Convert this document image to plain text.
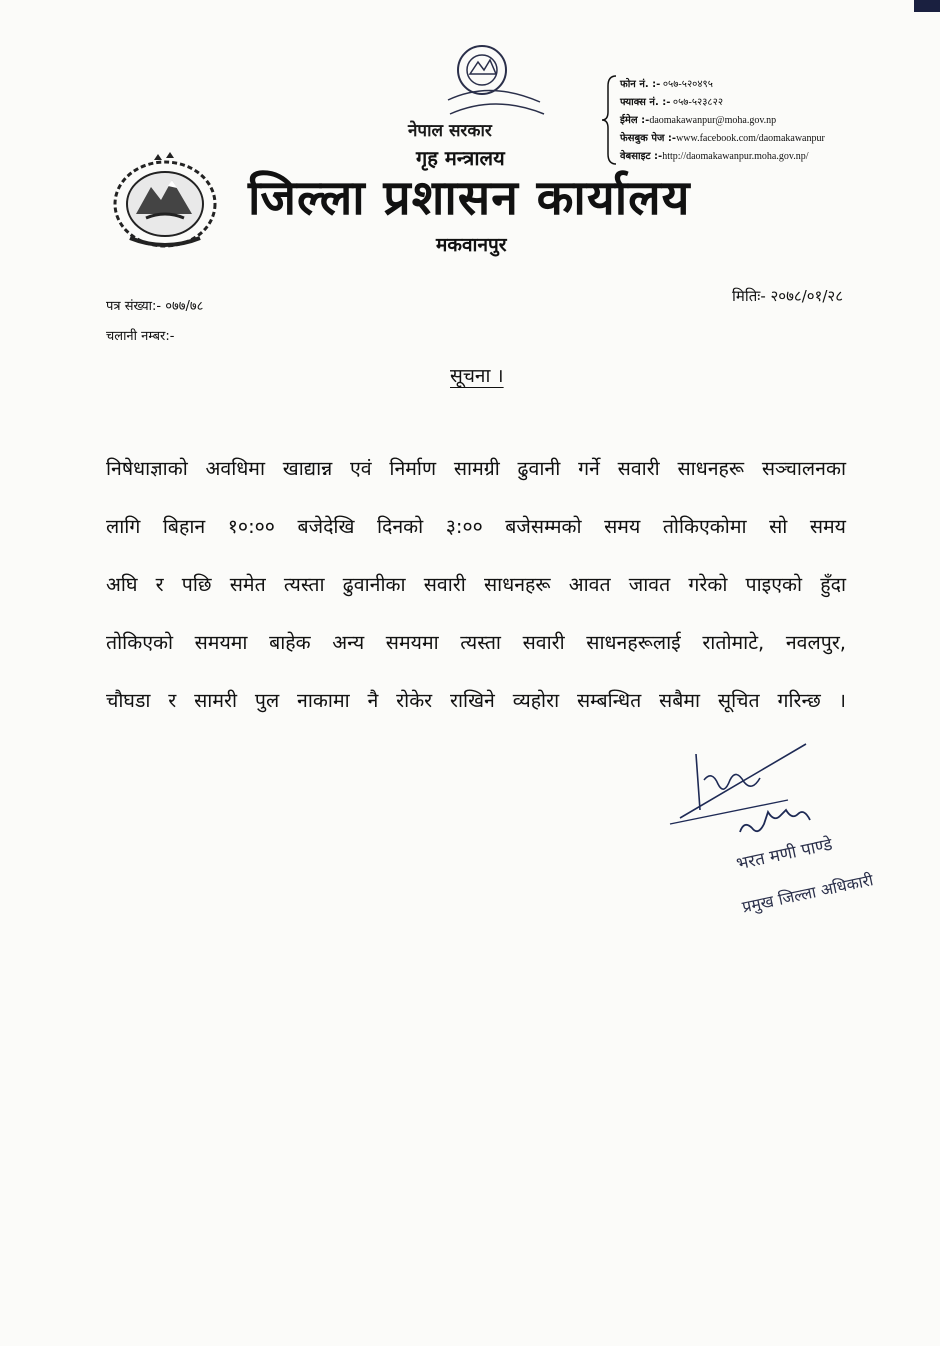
नेपाल सरकार
गृह मन्त्रालय
जिल्ला प्रशासन कार्यालय
मकवानपुर
फोन नं. :- ०५७-५२०४९५
फ्याक्स नं. :- ०५७-५२३८२२
ईमेल :-daomakawanpur@moha.gov.np
फेसबुक पेज :-www.facebook.com/daomakawanpur
वेबसाइट :-http://daomakawanpur.moha.gov.np/
पत्र संख्या:- ०७७/७८
चलानी नम्बर:-
मितिः- २०७८/०१/२८
सूचना ।
निषेधाज्ञाको अवधिमा खाद्यान्न एवं निर्माण सामग्री ढुवानी गर्ने सवारी साधनहरू सञ्चालनका
लागि बिहान १०:०० बजेदेखि दिनको ३:०० बजेसम्मको समय तोकिएकोमा सो समय
अघि र पछि समेत त्यस्ता ढुवानीका सवारी साधनहरू आवत जावत गरेको पाइएको हुँदा
तोकिएको समयमा बाहेक अन्य समयमा त्यस्ता सवारी साधनहरूलाई रातोमाटे, नवलपुर,
चौघडा र सामरी पुल नाकामा नै रोकेर राखिने व्यहोरा सम्बन्धित सबैमा सूचित गरिन्छ ।
भरत मणी पाण्डे
प्रमुख जिल्ला अधिकारी
